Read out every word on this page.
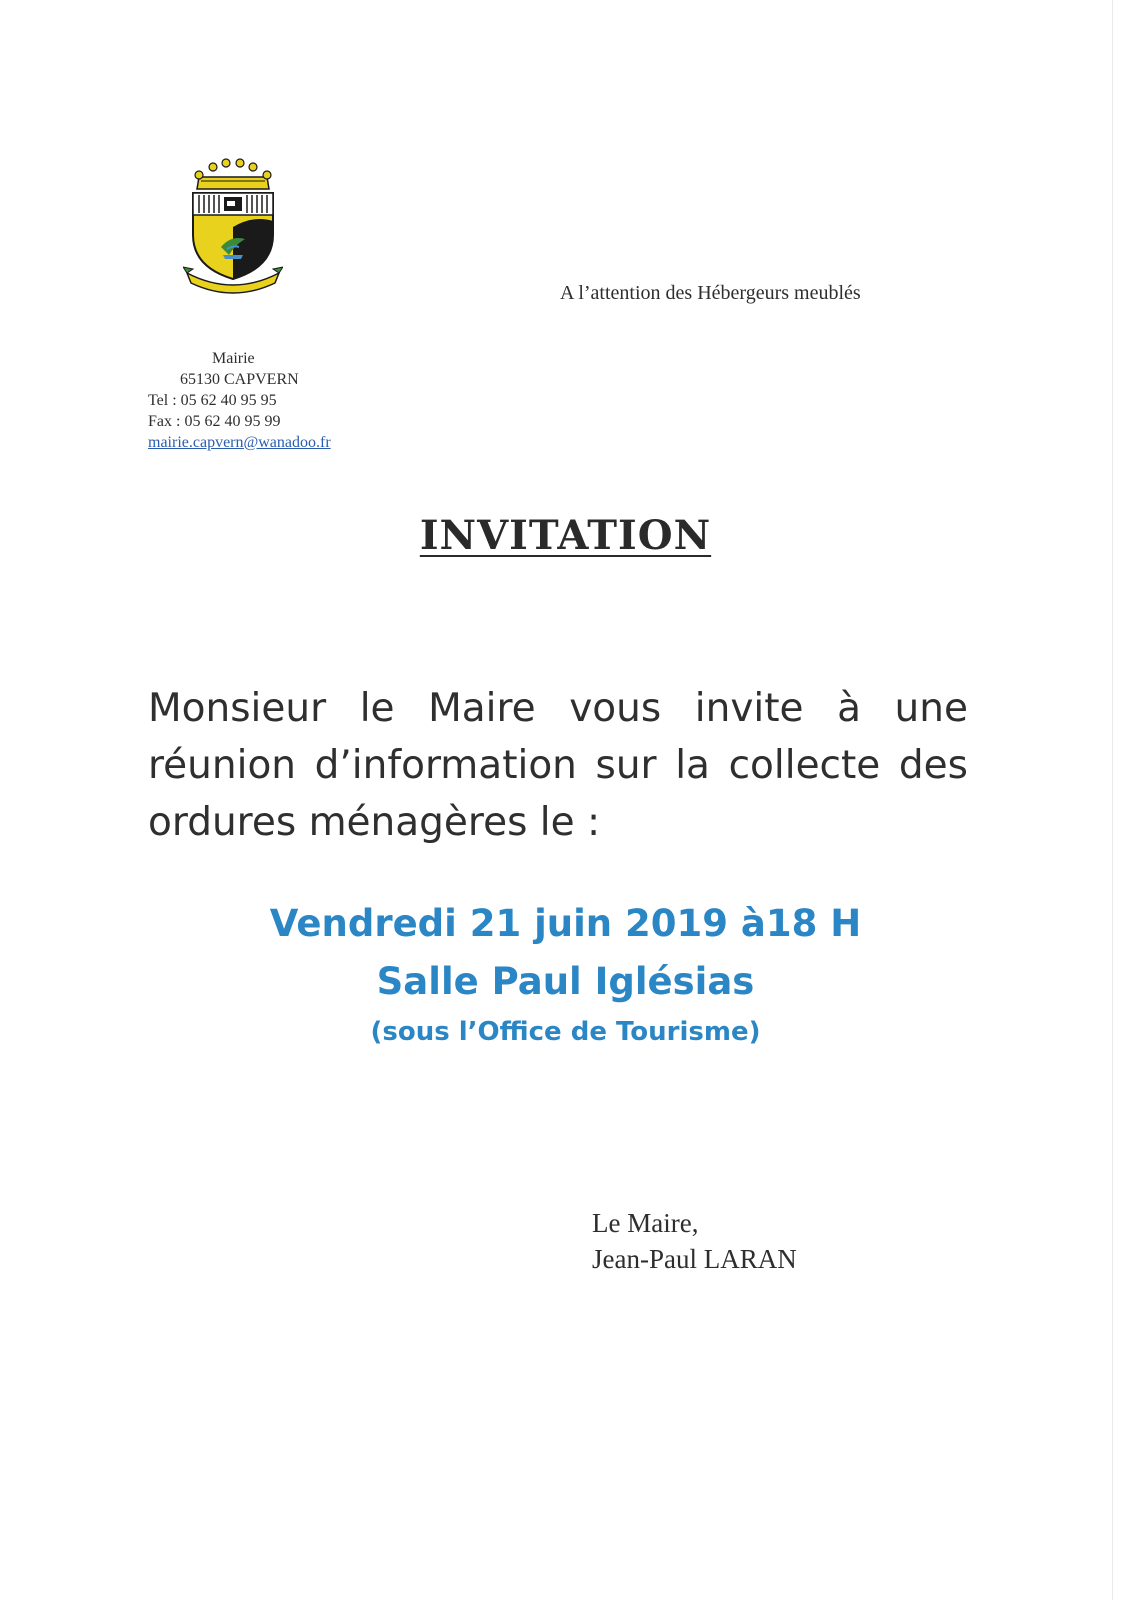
A l’attention des Hébergeurs meublés
Mairie
65130 CAPVERN
Tel : 05 62 40 95 95
Fax : 05 62 40 95 99
mairie.capvern@wanadoo.fr
INVITATION
Monsieur le Maire vous invite à une réunion d’information sur la collecte des ordures ménagères le :
Vendredi 21 juin 2019 à18 H
Salle Paul Iglésias
(sous l’Office de Tourisme)
Le Maire,
Jean-Paul LARAN
